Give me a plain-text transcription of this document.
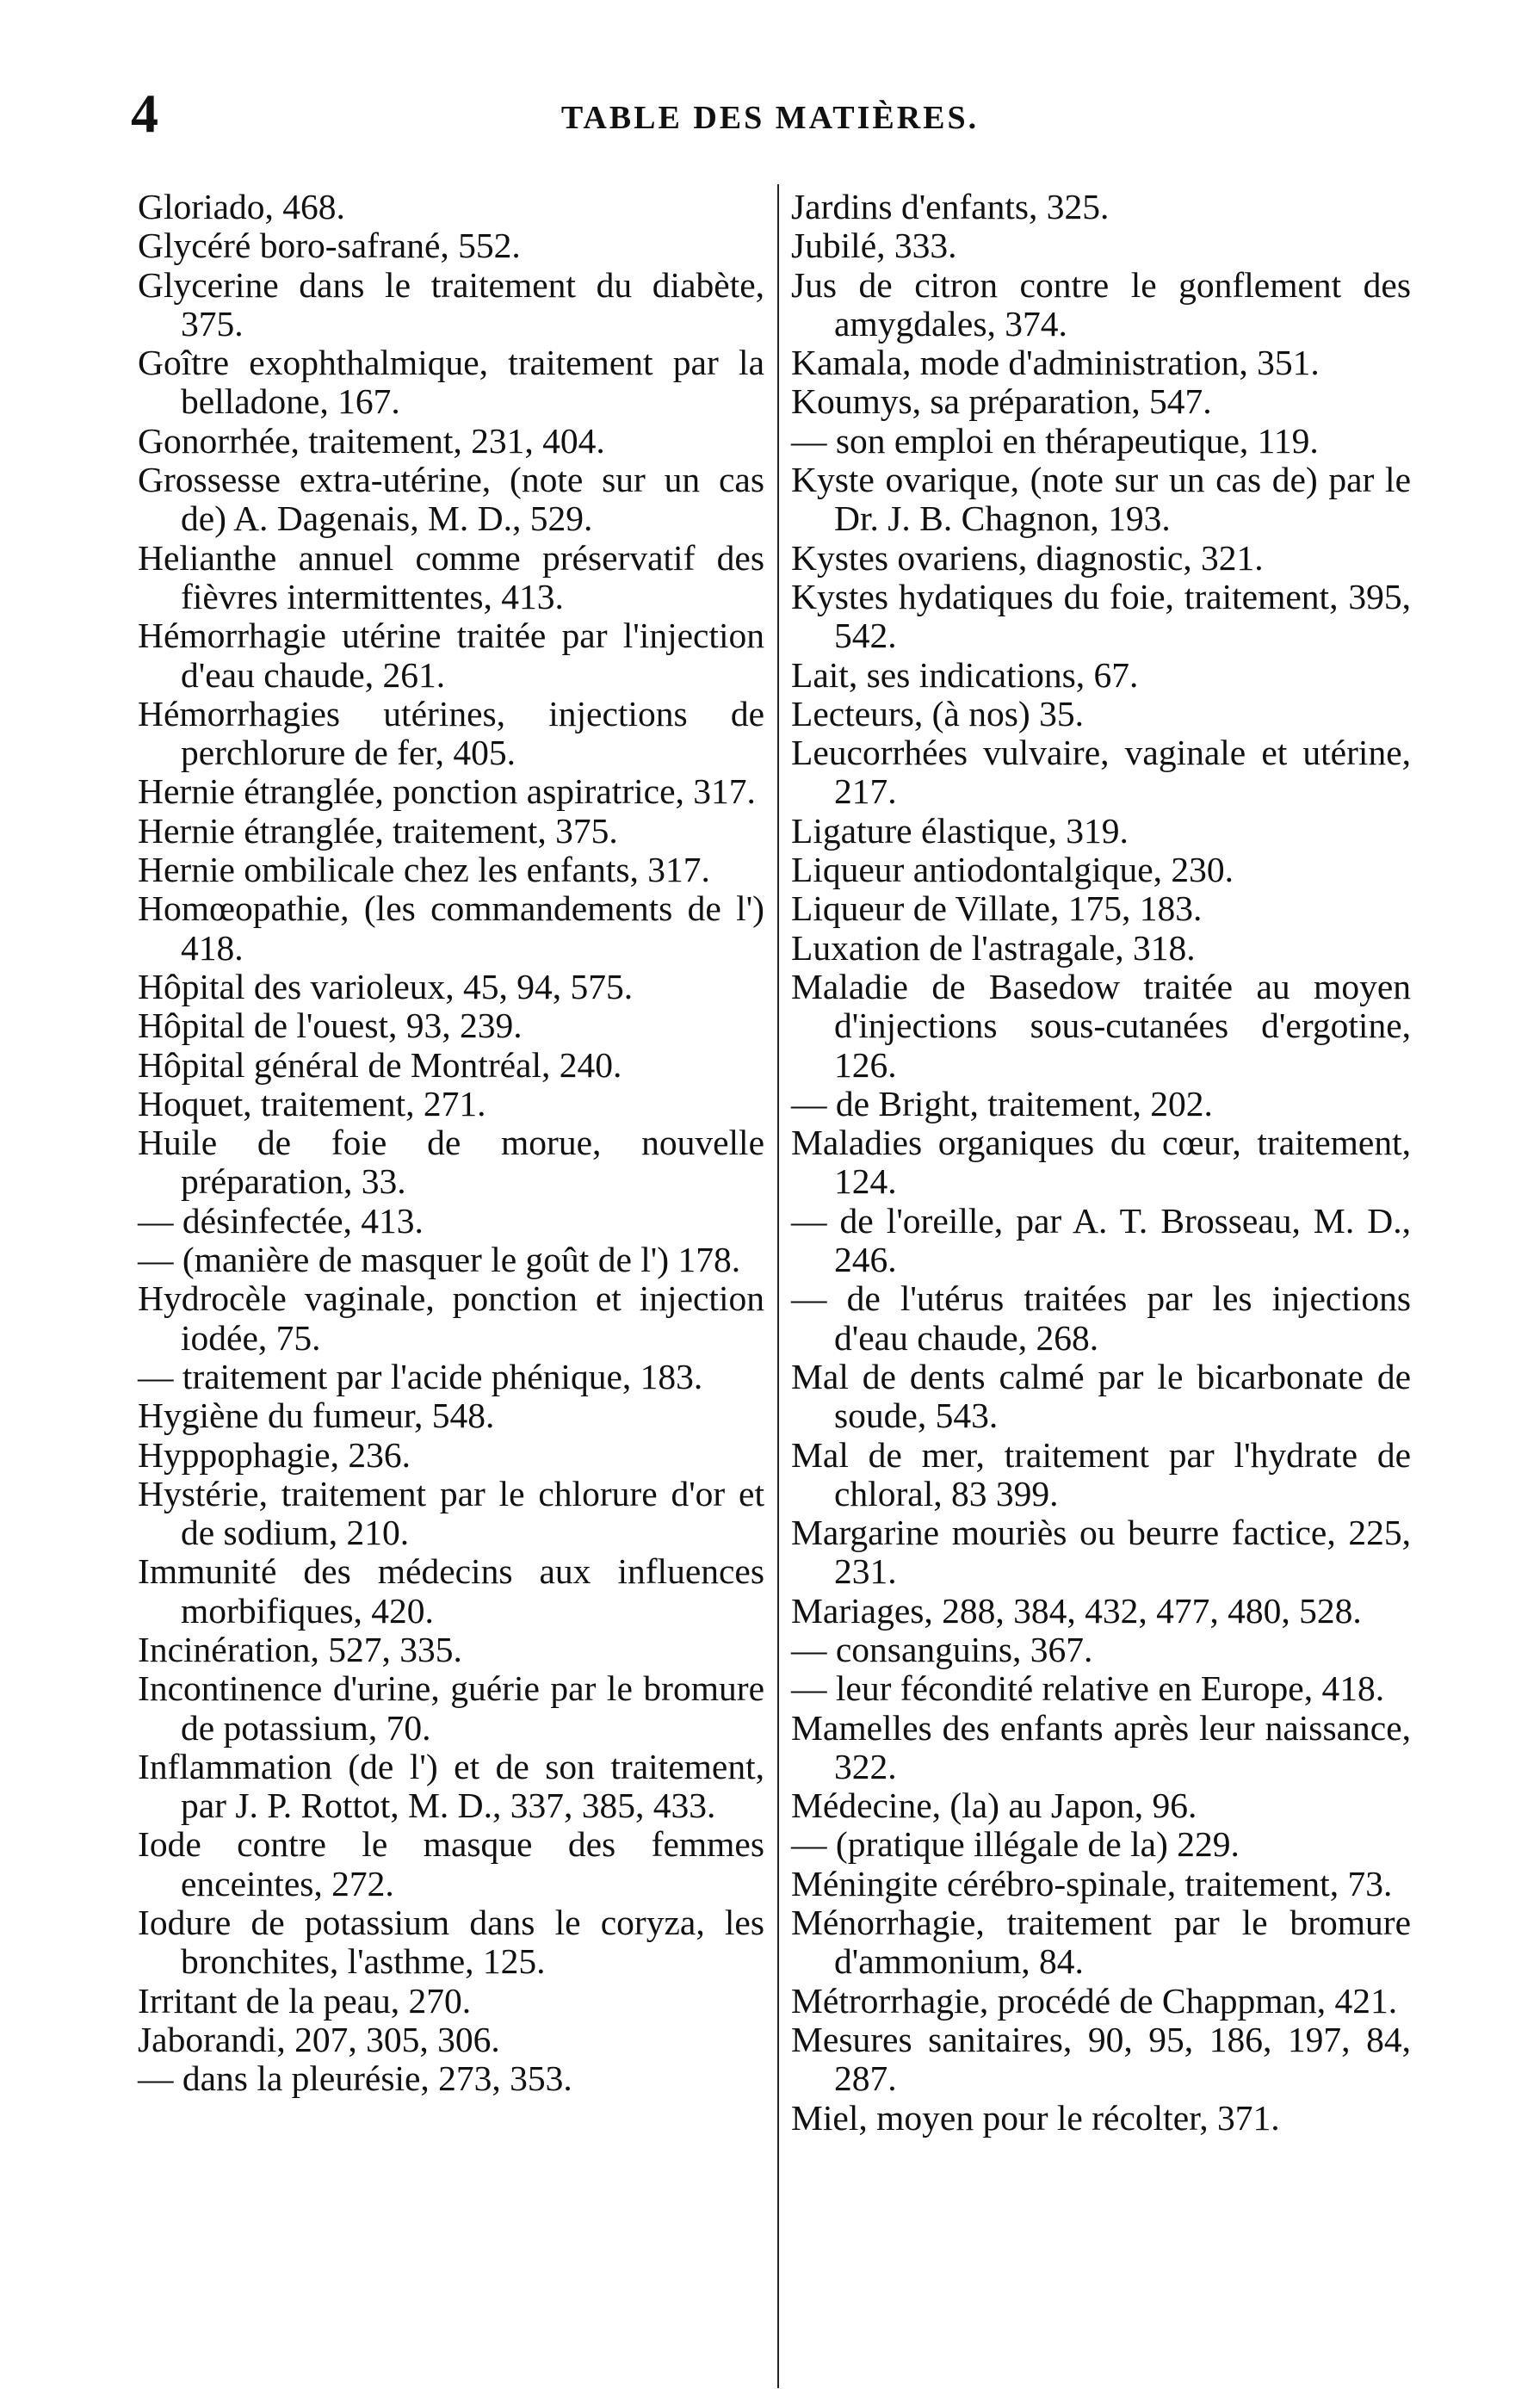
4	TABLE DES MATIÈRES.

Gloriado, 468.

Glycéré boro-safrané, 552.

Glycerine dans le traitement du diabète, 375.

Goître exophthalmique, traitement par la belladone, 167.

Gonorrhée, traitement, 231, 404.

Grossesse extra-utérine, (note sur un cas de) A. Dagenais, M. D., 529.

Helianthe annuel comme préservatif des fièvres intermittentes, 413.

Hémorrhagie utérine traitée par l'injection d'eau chaude, 261.

Hémorrhagies utérines, injections de perchlorure de fer, 405.

Hernie étranglée, ponction aspiratrice, 317.

Hernie étranglée, traitement, 375.

Hernie ombilicale chez les enfants, 317.

Homœopathie, (les commandements de l') 418.

Hôpital des varioleux, 45, 94, 575.

Hôpital de l'ouest, 93, 239.

Hôpital général de Montréal, 240.

Hoquet, traitement, 271.

Huile de foie de morue, nouvelle préparation, 33.

— désinfectée, 413.

— (manière de masquer le goût de l') 178.

Hydrocèle vaginale, ponction et injection iodée, 75.

— traitement par l'acide phénique, 183.

Hygiène du fumeur, 548.

Hyppophagie, 236.

Hystérie, traitement par le chlorure d'or et de sodium, 210.

Immunité des médecins aux influences morbifiques, 420.

Incinération, 527, 335.

Incontinence d'urine, guérie par le bromure de potassium, 70.

Inflammation (de l') et de son traitement, par J. P. Rottot, M. D., 337, 385, 433.

Iode contre le masque des femmes enceintes, 272.

Iodure de potassium dans le coryza, les bronchites, l'asthme, 125.

Irritant de la peau, 270.

Jaborandi, 207, 305, 306.

— dans la pleurésie, 273, 353.

Jardins d'enfants, 325.

Jubilé, 333.

Jus de citron contre le gonflement des amygdales, 374.

Kamala, mode d'administration, 351.

Koumys, sa préparation, 547.

— son emploi en thérapeutique, 119.

Kyste ovarique, (note sur un cas de) par le Dr. J. B. Chagnon, 193.

Kystes ovariens, diagnostic, 321.

Kystes hydatiques du foie, traitement, 395, 542.

Lait, ses indications, 67.

Lecteurs, (à nos) 35.

Leucorrhées vulvaire, vaginale et utérine, 217.

Ligature élastique, 319.

Liqueur antiodontalgique, 230.

Liqueur de Villate, 175, 183.

Luxation de l'astragale, 318.

Maladie de Basedow traitée au moyen d'injections sous-cutanées d'ergotine, 126.

— de Bright, traitement, 202.

Maladies organiques du cœur, traitement, 124.

— de l'oreille, par A. T. Brosseau, M. D., 246.

— de l'utérus traitées par les injections d'eau chaude, 268.

Mal de dents calmé par le bicarbonate de soude, 543.

Mal de mer, traitement par l'hydrate de chloral, 83 399.

Margarine mouriès ou beurre factice, 225, 231.

Mariages, 288, 384, 432, 477, 480, 528.

— consanguins, 367.

— leur fécondité relative en Europe, 418.

Mamelles des enfants après leur naissance, 322.

Médecine, (la) au Japon, 96.

— (pratique illégale de la) 229.

Méningite cérébro-spinale, traitement, 73.

Ménorrhagie, traitement par le bromure d'ammonium, 84.

Métrorrhagie, procédé de Chappman, 421.

Mesures sanitaires, 90, 95, 186, 197, 84, 287.

Miel, moyen pour le récolter, 371.
